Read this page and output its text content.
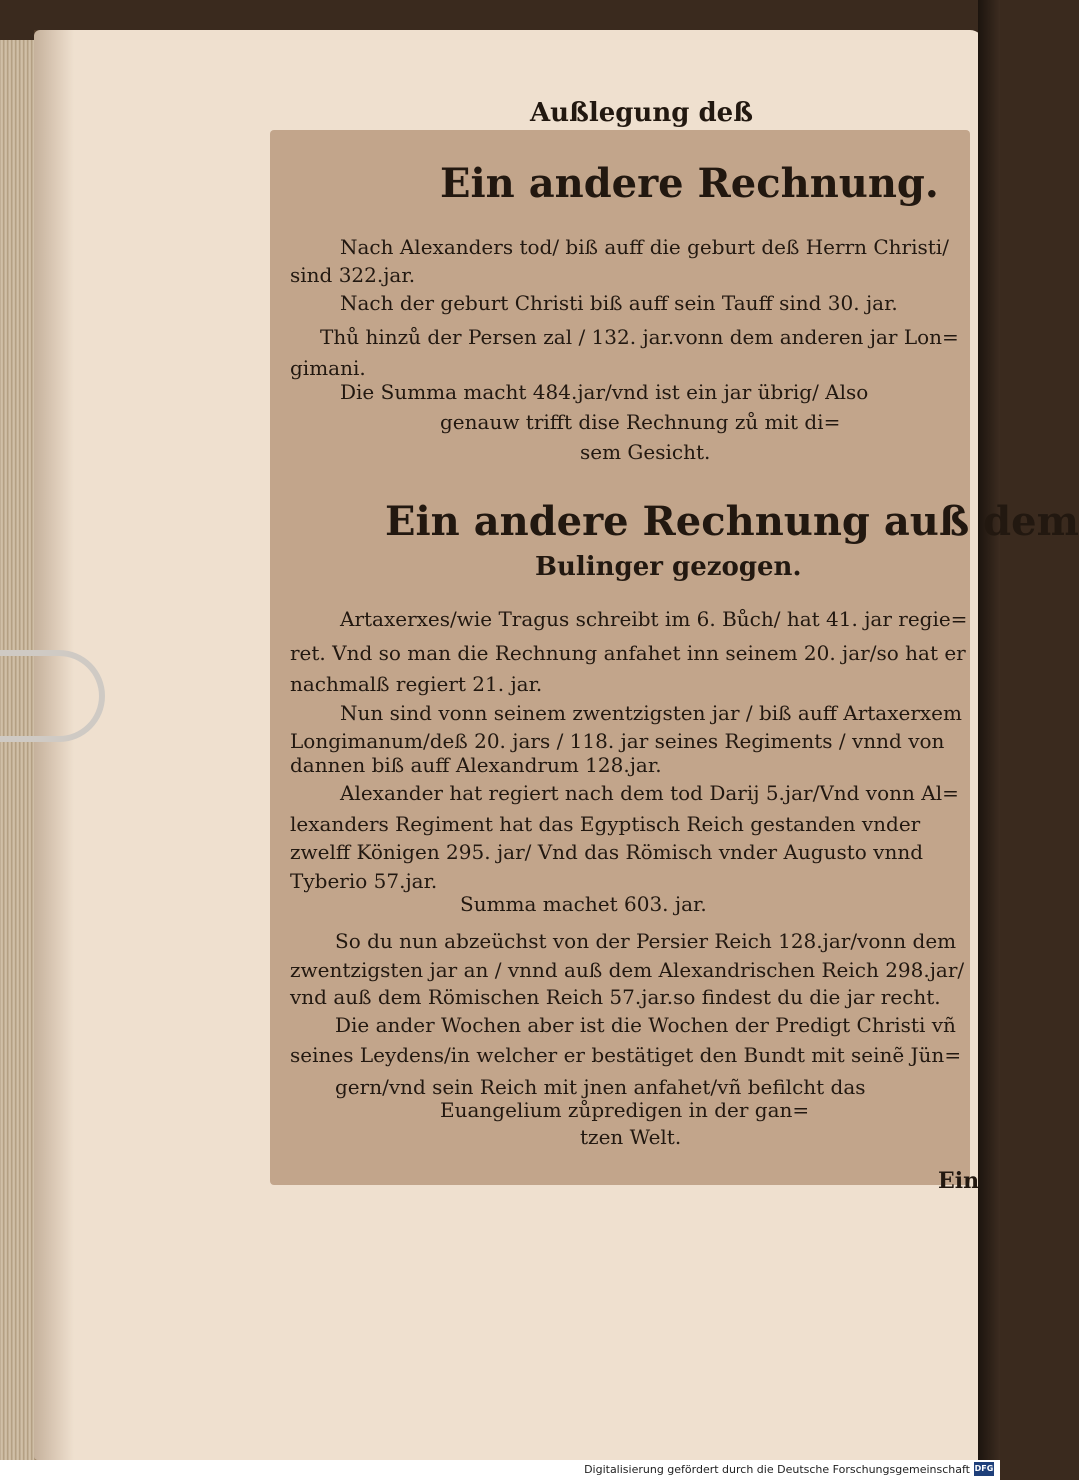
Außlegung deß
Ein andere Rechnung.
Nach Alexanders tod/ biß auff die geburt deß Herrn Christi/
sind 322.jar.
Nach der geburt Christi biß auff sein Tauff sind 30. jar.
Thů hinzů der Persen zal / 132. jar.vonn dem anderen jar Lon=
gimani.
Die Summa macht 484.jar/vnd ist ein jar übrig/ Also
genauw trifft dise Rechnung zů mit di=
sem Gesicht.
Ein andere Rechnung auß dem
Bulinger gezogen.
Artaxerxes/wie Tragus schreibt im 6. Bůch/ hat 41. jar regie=
ret. Vnd so man die Rechnung anfahet inn seinem 20. jar/so hat er
nachmalß regiert 21. jar.
Nun sind vonn seinem zwentzigsten jar / biß auff Artaxerxem
Longimanum/deß 20. jars / 118. jar seines Regiments / vnnd von
dannen biß auff Alexandrum 128.jar.
Alexander hat regiert nach dem tod Darij 5.jar/Vnd vonn Al=
lexanders Regiment hat das Egyptisch Reich gestanden vnder
zwelff Königen 295. jar/ Vnd das Römisch vnder Augusto vnnd
Tyberio 57.jar.
Summa machet 603. jar.
So du nun abzeüchst von der Persier Reich 128.jar/vonn dem
zwentzigsten jar an / vnnd auß dem Alexandrischen Reich 298.jar/
vnd auß dem Römischen Reich 57.jar.so findest du die jar recht.
Die ander Wochen aber ist die Wochen der Predigt Christi vñ
seines Leydens/in welcher er bestätiget den Bundt mit seinẽ Jün=
gern/vnd sein Reich mit jnen anfahet/vñ befilcht das
Euangelium zůpredigen in der gan=
tzen Welt.
Ein
Digitalisierung gefördert durch die Deutsche Forschungsgemeinschaft DFG
